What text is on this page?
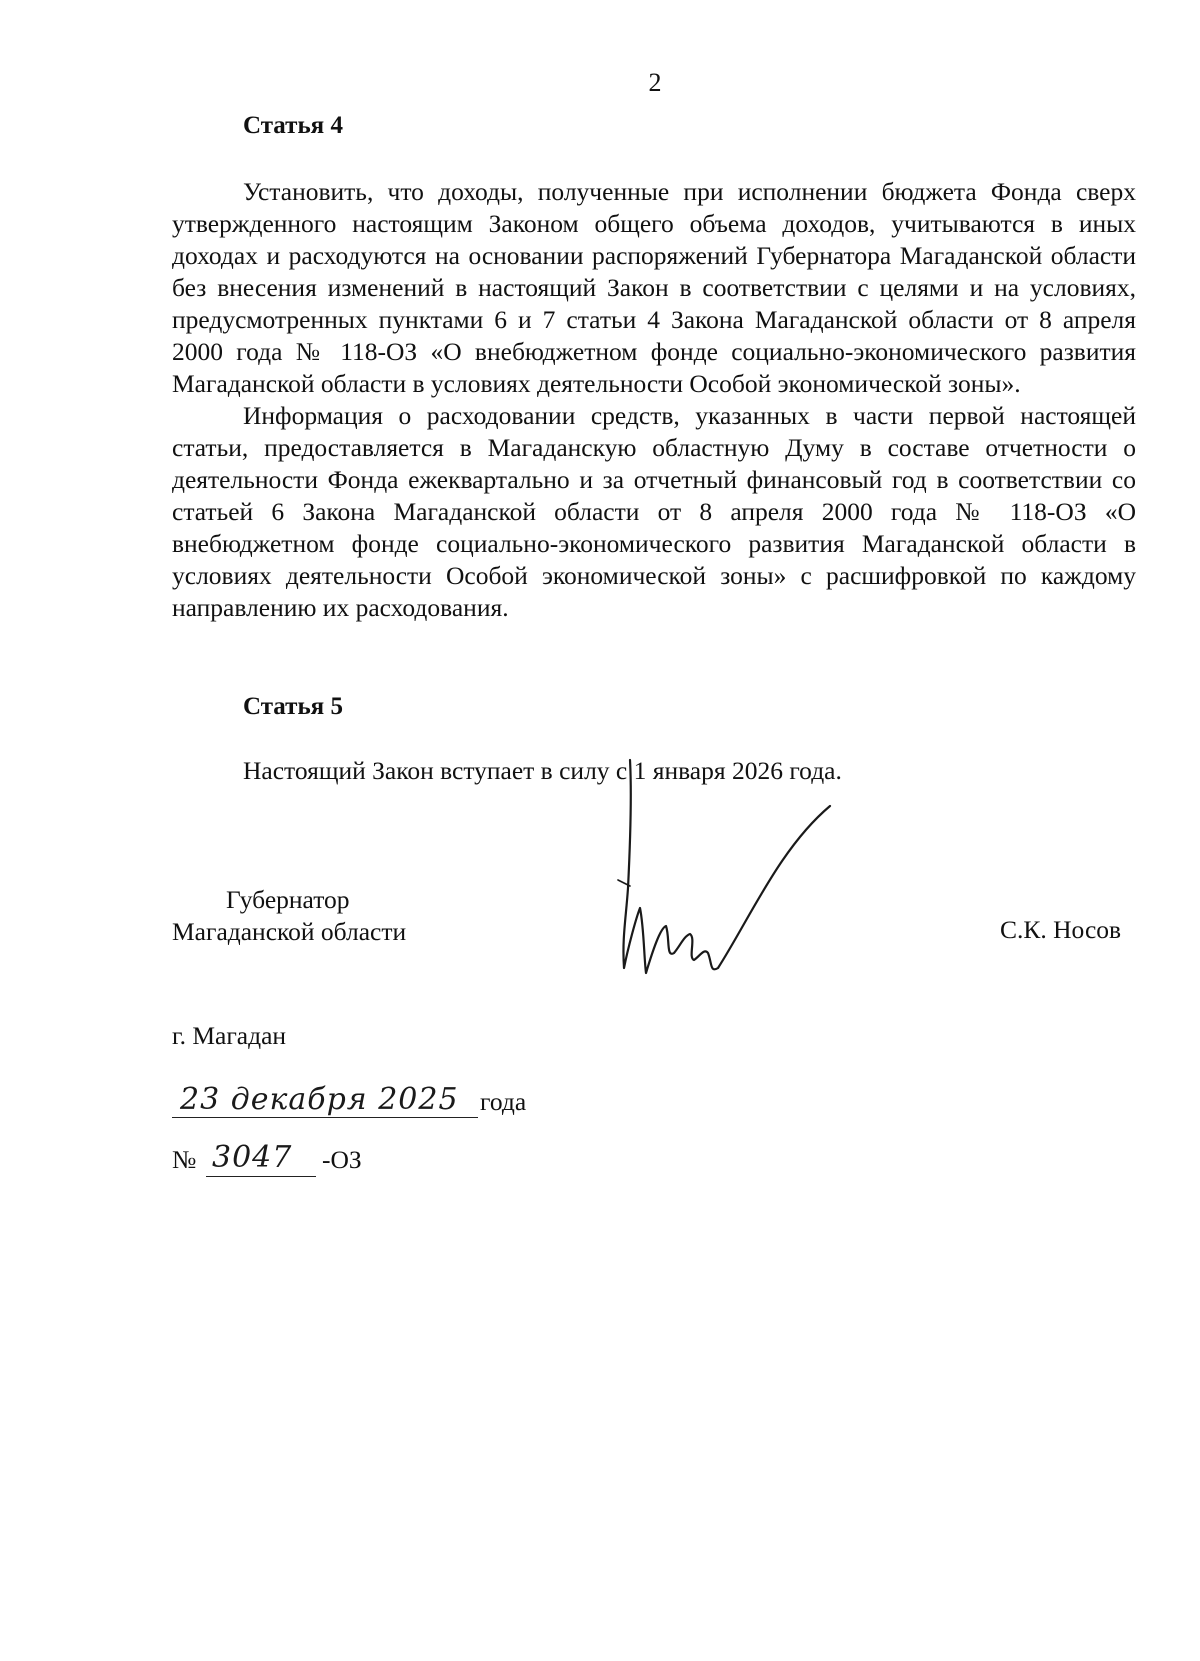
2
Статья 4

Установить, что доходы, полученные при исполнении бюджета Фонда сверх утвержденного настоящим Законом общего объема доходов, учитываются в иных доходах и расходуются на основании распоряжений Губернатора Магаданской области без внесения изменений в настоящий Закон в соответствии с целями и на условиях, предусмотренных пунктами 6 и 7 статьи 4 Закона Магаданской области от 8 апреля 2000 года № 118-ОЗ «О внебюджетном фонде социально-экономического развития Магаданской области в условиях деятельности Особой экономической зоны».

Информация о расходовании средств, указанных в части первой настоящей статьи, предоставляется в Магаданскую областную Думу в составе отчетности о деятельности Фонда ежеквартально и за отчетный финансовый год в соответствии со статьей 6 Закона Магаданской области от 8 апреля 2000 года № 118-ОЗ «О внебюджетном фонде социально-экономического развития Магаданской области в условиях деятельности Особой экономической зоны» с расшифровкой по каждому направлению их расходования.

Статья 5

Настоящий Закон вступает в силу с 1 января 2026 года.

Губернатор
Магаданской области	С.К. Носов
г. Магадан
23 декабря 2025 года
№ 3047 -ОЗ
